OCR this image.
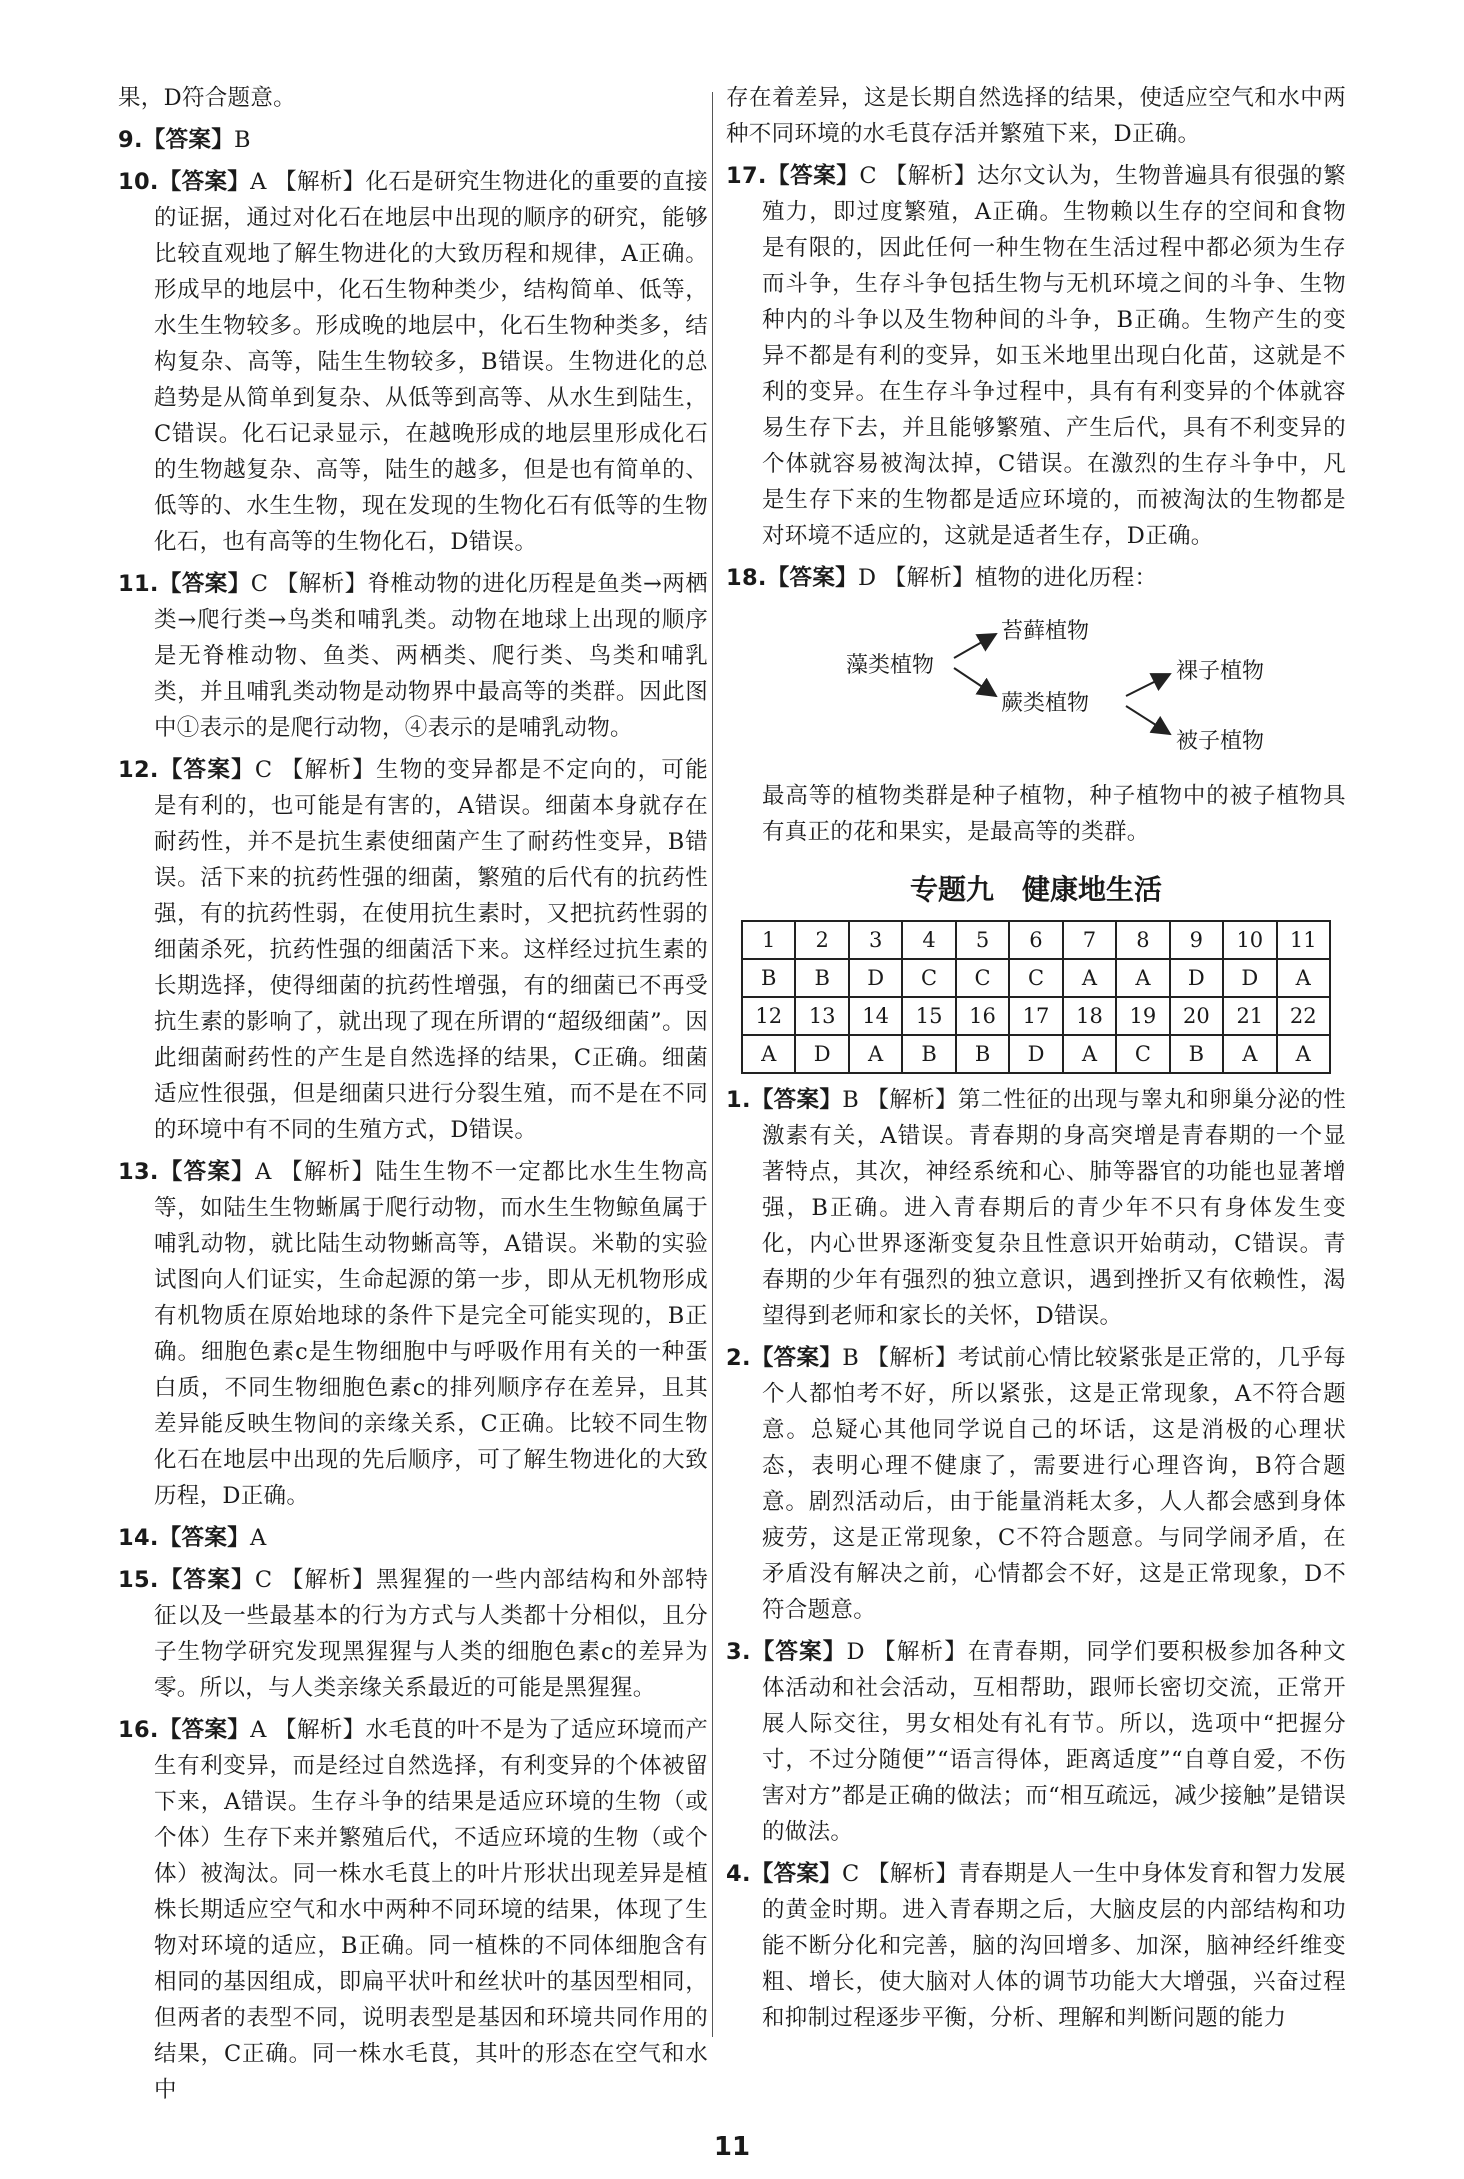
果，D符合题意。

9.【答案】B

10.【答案】A 【解析】化石是研究生物进化的重要的直接的证据，通过对化石在地层中出现的顺序的研究，能够比较直观地了解生物进化的大致历程和规律，A正确。形成早的地层中，化石生物种类少，结构简单、低等，水生生物较多。形成晚的地层中，化石生物种类多，结构复杂、高等，陆生生物较多，B错误。生物进化的总趋势是从简单到复杂、从低等到高等、从水生到陆生，C错误。化石记录显示，在越晚形成的地层里形成化石的生物越复杂、高等，陆生的越多，但是也有简单的、低等的、水生生物，现在发现的生物化石有低等的生物化石，也有高等的生物化石，D错误。

11.【答案】C 【解析】脊椎动物的进化历程是鱼类→两栖类→爬行类→鸟类和哺乳类。动物在地球上出现的顺序是无脊椎动物、鱼类、两栖类、爬行类、鸟类和哺乳类，并且哺乳类动物是动物界中最高等的类群。因此图中①表示的是爬行动物，④表示的是哺乳动物。

12.【答案】C 【解析】生物的变异都是不定向的，可能是有利的，也可能是有害的，A错误。细菌本身就存在耐药性，并不是抗生素使细菌产生了耐药性变异，B错误。活下来的抗药性强的细菌，繁殖的后代有的抗药性强，有的抗药性弱，在使用抗生素时，又把抗药性弱的细菌杀死，抗药性强的细菌活下来。这样经过抗生素的长期选择，使得细菌的抗药性增强，有的细菌已不再受抗生素的影响了，就出现了现在所谓的“超级细菌”。因此细菌耐药性的产生是自然选择的结果，C正确。细菌适应性很强，但是细菌只进行分裂生殖，而不是在不同的环境中有不同的生殖方式，D错误。

13.【答案】A 【解析】陆生生物不一定都比水生生物高等，如陆生生物蜥属于爬行动物，而水生生物鲸鱼属于哺乳动物，就比陆生动物蜥高等，A错误。米勒的实验试图向人们证实，生命起源的第一步，即从无机物形成有机物质在原始地球的条件下是完全可能实现的，B正确。细胞色素c是生物细胞中与呼吸作用有关的一种蛋白质，不同生物细胞色素c的排列顺序存在差异，且其差异能反映生物间的亲缘关系，C正确。比较不同生物化石在地层中出现的先后顺序，可了解生物进化的大致历程，D正确。

14.【答案】A

15.【答案】C 【解析】黑猩猩的一些内部结构和外部特征以及一些最基本的行为方式与人类都十分相似，且分子生物学研究发现黑猩猩与人类的细胞色素c的差异为零。所以，与人类亲缘关系最近的可能是黑猩猩。

16.【答案】A 【解析】水毛茛的叶不是为了适应环境而产生有利变异，而是经过自然选择，有利变异的个体被留下来，A错误。生存斗争的结果是适应环境的生物（或个体）生存下来并繁殖后代，不适应环境的生物（或个体）被淘汰。同一株水毛茛上的叶片形状出现差异是植株长期适应空气和水中两种不同环境的结果，体现了生物对环境的适应，B正确。同一植株的不同体细胞含有相同的基因组成，即扁平状叶和丝状叶的基因型相同，但两者的表型不同，说明表型是基因和环境共同作用的结果，C正确。同一株水毛茛，其叶的形态在空气和水中

存在着差异，这是长期自然选择的结果，使适应空气和水中两种不同环境的水毛茛存活并繁殖下来，D正确。

17.【答案】C 【解析】达尔文认为，生物普遍具有很强的繁殖力，即过度繁殖，A正确。生物赖以生存的空间和食物是有限的，因此任何一种生物在生活过程中都必须为生存而斗争，生存斗争包括生物与无机环境之间的斗争、生物种内的斗争以及生物种间的斗争，B正确。生物产生的变异不都是有利的变异，如玉米地里出现白化苗，这就是不利的变异。在生存斗争过程中，具有有利变异的个体就容易生存下去，并且能够繁殖、产生后代，具有不利变异的个体就容易被淘汰掉，C错误。在激烈的生存斗争中，凡是生存下来的生物都是适应环境的，而被淘汰的生物都是对环境不适应的，这就是适者生存，D正确。

18.【答案】D 【解析】植物的进化历程：

藻类植物
苔藓植物
蕨类植物
裸子植物
被子植物

最高等的植物类群是种子植物，种子植物中的被子植物具有真正的花和果实，是最高等的类群。

专题九　健康地生活
1	2	3	4	5	6	7	8	9	10	11
B	B	D	C	C	C	A	A	D	D	A
12	13	14	15	16	17	18	19	20	21	22
A	D	A	B	B	D	A	C	B	A	A

1.【答案】B 【解析】第二性征的出现与睾丸和卵巢分泌的性激素有关，A错误。青春期的身高突增是青春期的一个显著特点，其次，神经系统和心、肺等器官的功能也显著增强，B正确。进入青春期后的青少年不只有身体发生变化，内心世界逐渐变复杂且性意识开始萌动，C错误。青春期的少年有强烈的独立意识，遇到挫折又有依赖性，渴望得到老师和家长的关怀，D错误。

2.【答案】B 【解析】考试前心情比较紧张是正常的，几乎每个人都怕考不好，所以紧张，这是正常现象，A不符合题意。总疑心其他同学说自己的坏话，这是消极的心理状态，表明心理不健康了，需要进行心理咨询，B符合题意。剧烈活动后，由于能量消耗太多，人人都会感到身体疲劳，这是正常现象，C不符合题意。与同学闹矛盾，在矛盾没有解决之前，心情都会不好，这是正常现象，D不符合题意。

3.【答案】D 【解析】在青春期，同学们要积极参加各种文体活动和社会活动，互相帮助，跟师长密切交流，正常开展人际交往，男女相处有礼有节。所以，选项中“把握分寸，不过分随便”“语言得体，距离适度”“自尊自爱，不伤害对方”都是正确的做法；而“相互疏远，减少接触”是错误的做法。

4.【答案】C 【解析】青春期是人一生中身体发育和智力发展的黄金时期。进入青春期之后，大脑皮层的内部结构和功能不断分化和完善，脑的沟回增多、加深，脑神经纤维变粗、增长，使大脑对人体的调节功能大大增强，兴奋过程和抑制过程逐步平衡，分析、理解和判断问题的能力

11
